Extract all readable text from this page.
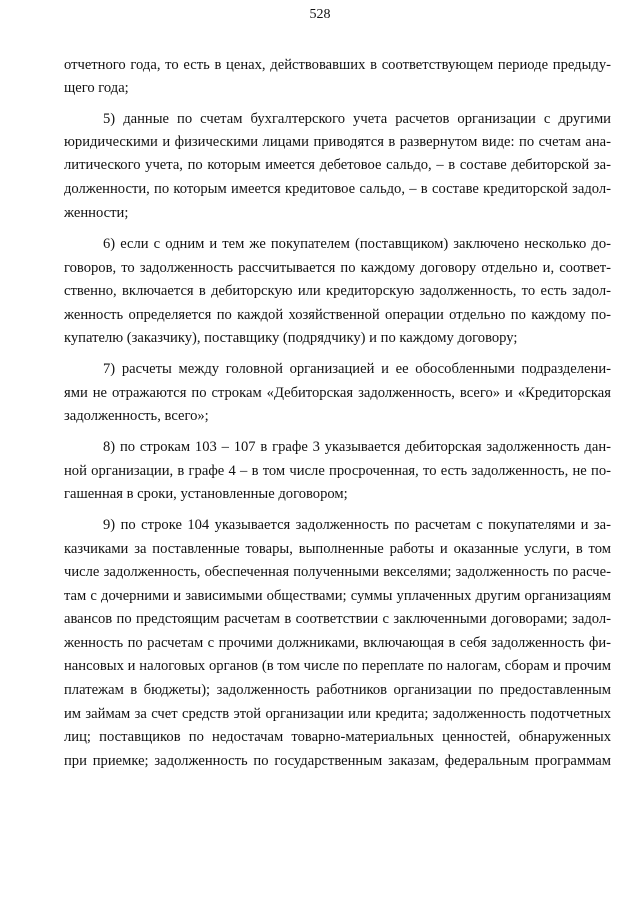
528
отчетного года, то есть в ценах, действовавших в соответствующем периоде предыду-
щего года;
5) данные по счетам бухгалтерского учета расчетов организации с другими
юридическими и физическими лицами приводятся в развернутом виде: по счетам ана-
литического учета, по которым имеется дебетовое сальдо, – в составе дебиторской за-
долженности, по которым имеется кредитовое сальдо, – в составе кредиторской задол-
женности;
6) если с одним и тем же покупателем (поставщиком) заключено несколько до-
говоров, то задолженность рассчитывается по каждому договору отдельно и, соответ-
ственно, включается в дебиторскую или кредиторскую задолженность, то есть задол-
женность определяется по каждой хозяйственной операции отдельно по каждому по-
купателю (заказчику), поставщику (подрядчику) и по каждому договору;
7) расчеты между головной организацией и ее обособленными подразделени-
ями не отражаются по строкам «Дебиторская задолженность, всего» и «Кредиторская
задолженность, всего»;
8) по строкам 103 – 107 в графе 3 указывается дебиторская задолженность дан-
ной организации, в графе 4 – в том числе просроченная, то есть задолженность, не по-
гашенная в сроки, установленные договором;
9) по строке 104 указывается задолженность по расчетам с покупателями и за-
казчиками за поставленные товары, выполненные работы и оказанные услуги, в том
числе задолженность, обеспеченная полученными векселями; задолженность по расче-
там с дочерними и зависимыми обществами; суммы уплаченных другим организациям
авансов по предстоящим расчетам в соответствии с заключенными договорами; задол-
женность по расчетам с прочими должниками, включающая в себя задолженность фи-
нансовых и налоговых органов (в том числе по переплате по налогам, сборам и прочим
платежам в бюджеты); задолженность работников организации по предоставленным
им займам за счет средств этой организации или кредита; задолженность подотчетных
лиц; поставщиков по недостачам товарно-материальных ценностей, обнаруженных
при приемке; задолженность по государственным заказам, федеральным программам
